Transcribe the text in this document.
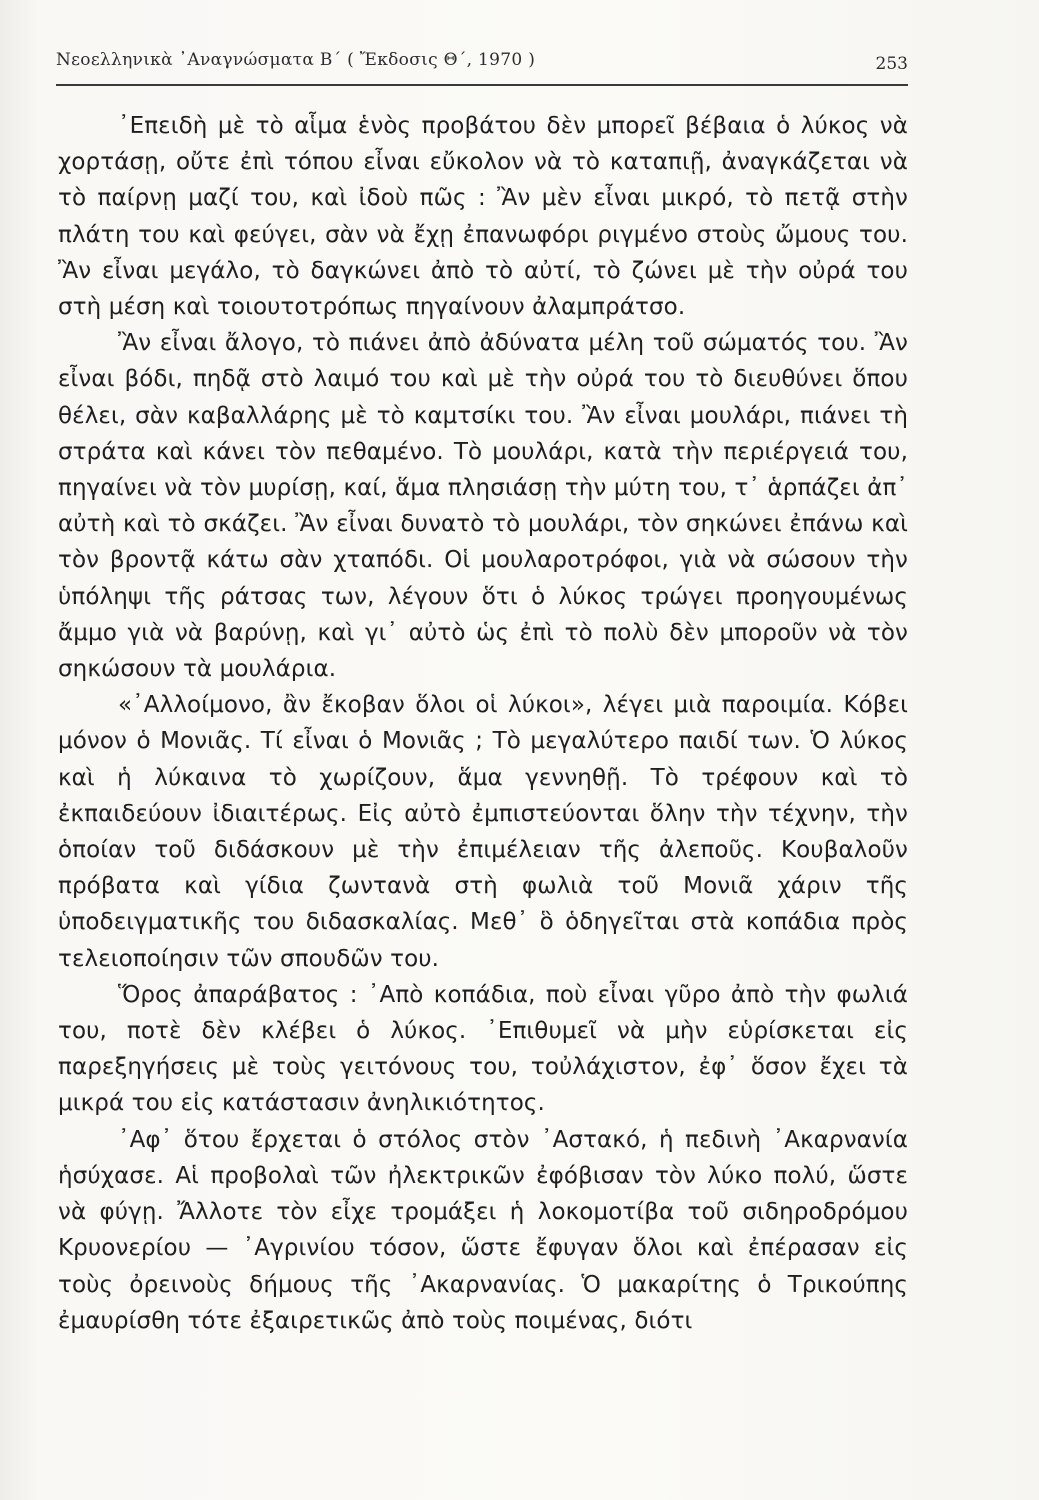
Νεοελληνικὰ ᾿Αναγνώσματα Β΄ ( Ἔκδοσις Θ΄, 1970 )	253

᾿Επειδὴ μὲ τὸ αἷμα ἑνὸς προβάτου δὲν μπορεῖ βέβαια ὁ λύκος νὰ χορτάσῃ, οὔτε ἐπὶ τόπου εἶναι εὔκολον νὰ τὸ καταπιῇ, ἀναγκάζεται νὰ τὸ παίρνῃ μαζί του, καὶ ἰδοὺ πῶς : Ἂν μὲν εἶναι μικρό, τὸ πετᾷ στὴν πλάτη του καὶ φεύγει, σὰν νὰ ἔχῃ ἐπανωφόρι ριγμένο στοὺς ὤμους του. Ἂν εἶναι μεγάλο, τὸ δαγκώνει ἀπὸ τὸ αὐτί, τὸ ζώνει μὲ τὴν οὐρά του στὴ μέση καὶ τοιουτοτρόπως πηγαίνουν ἀλαμπράτσο.

Ἂν εἶναι ἄλογο, τὸ πιάνει ἀπὸ ἀδύνατα μέλη τοῦ σώματός του. Ἂν εἶναι βόδι, πηδᾷ στὸ λαιμό του καὶ μὲ τὴν οὐρά του τὸ διευθύνει ὅπου θέλει, σὰν καβαλλάρης μὲ τὸ καμτσίκι του. Ἂν εἶναι μουλάρι, πιάνει τὴ στράτα καὶ κάνει τὸν πεθαμένο. Τὸ μουλάρι, κατὰ τὴν περιέργειά του, πηγαίνει νὰ τὸν μυρίσῃ, καί, ἅμα πλησιάσῃ τὴν μύτη του, τ᾿ ἁρπάζει ἀπ᾿ αὐτὴ καὶ τὸ σκάζει. Ἂν εἶναι δυνατὸ τὸ μουλάρι, τὸν σηκώνει ἐπάνω καὶ τὸν βροντᾷ κάτω σὰν χταπόδι. Οἱ μουλαροτρόφοι, γιὰ νὰ σώσουν τὴν ὑπόληψι τῆς ράτσας των, λέγουν ὅτι ὁ λύκος τρώγει προηγουμένως ἄμμο γιὰ νὰ βαρύνῃ, καὶ γι᾿ αὐτὸ ὡς ἐπὶ τὸ πολὺ δὲν μποροῦν νὰ τὸν σηκώσουν τὰ μουλάρια.

«᾿Αλλοίμονο, ἂν ἔκοβαν ὅλοι οἱ λύκοι», λέγει μιὰ παροιμία. Κόβει μόνον ὁ Μονιᾶς. Τί εἶναι ὁ Μονιᾶς ; Τὸ μεγαλύτερο παιδί των. Ὁ λύκος καὶ ἡ λύκαινα τὸ χωρίζουν, ἅμα γεννηθῇ. Τὸ τρέφουν καὶ τὸ ἐκπαιδεύουν ἰδιαιτέρως. Εἰς αὐτὸ ἐμπιστεύονται ὅλην τὴν τέχνην, τὴν ὁποίαν τοῦ διδάσκουν μὲ τὴν ἐπιμέλειαν τῆς ἀλεποῦς. Κουβαλοῦν πρόβατα καὶ γίδια ζωντανὰ στὴ φωλιὰ τοῦ Μονιᾶ χάριν τῆς ὑποδειγματικῆς του διδασκαλίας. Μεθ᾿ ὃ ὁδηγεῖται στὰ κοπάδια πρὸς τελειοποίησιν τῶν σπουδῶν του.

Ὅρος ἀπαράβατος : ᾿Απὸ κοπάδια, ποὺ εἶναι γῦρο ἀπὸ τὴν φωλιά του, ποτὲ δὲν κλέβει ὁ λύκος. ᾿Επιθυμεῖ νὰ μὴν εὑρίσκεται εἰς παρεξηγήσεις μὲ τοὺς γειτόνους του, τοὐλάχιστον, ἐφ᾿ ὅσον ἔχει τὰ μικρά του εἰς κατάστασιν ἀνηλικιότητος.

᾿Αφ᾿ ὅτου ἔρχεται ὁ στόλος στὸν ᾿Αστακό, ἡ πεδινὴ ᾿Ακαρνανία ἡσύχασε. Αἱ προβολαὶ τῶν ἠλεκτρικῶν ἐφόβισαν τὸν λύκο πολύ, ὥστε νὰ φύγῃ. Ἄλλοτε τὸν εἶχε τρομάξει ἡ λοκομοτίβα τοῦ σιδηροδρόμου Κρυονερίου — ᾿Αγρινίου τόσον, ὥστε ἔφυγαν ὅλοι καὶ ἐπέρασαν εἰς τοὺς ὀρεινοὺς δήμους τῆς ᾿Ακαρνανίας. Ὁ μακαρίτης ὁ Τρικούπης ἐμαυρίσθη τότε ἐξαιρετικῶς ἀπὸ τοὺς ποιμένας, διότι
